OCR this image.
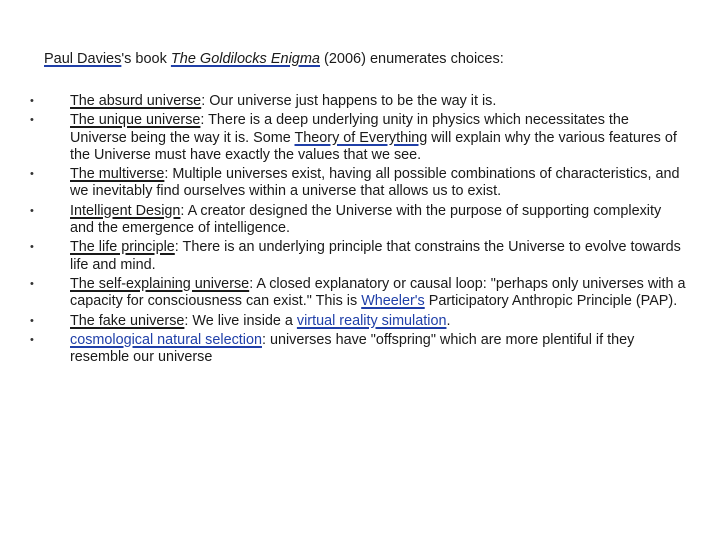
Paul Davies's book The Goldilocks Enigma (2006) enumerates choices:
•	The absurd universe: Our universe just happens to be the way it is.
•	The unique universe: There is a deep underlying unity in physics which necessitates the Universe being the way it is. Some Theory of Everything will explain why the various features of the Universe must have exactly the values that we see.
•	The multiverse: Multiple universes exist, having all possible combinations of characteristics, and we inevitably find ourselves within a universe that allows us to exist.
•	Intelligent Design: A creator designed the Universe with the purpose of supporting complexity and the emergence of intelligence.
•	The life principle: There is an underlying principle that constrains the Universe to evolve towards life and mind.
•	The self-explaining universe: A closed explanatory or causal loop: "perhaps only universes with a capacity for consciousness can exist." This is Wheeler's Participatory Anthropic Principle (PAP).
•	The fake universe: We live inside a virtual reality simulation.
•	cosmological natural selection: universes have "offspring" which are more plentiful if they resemble our universe
